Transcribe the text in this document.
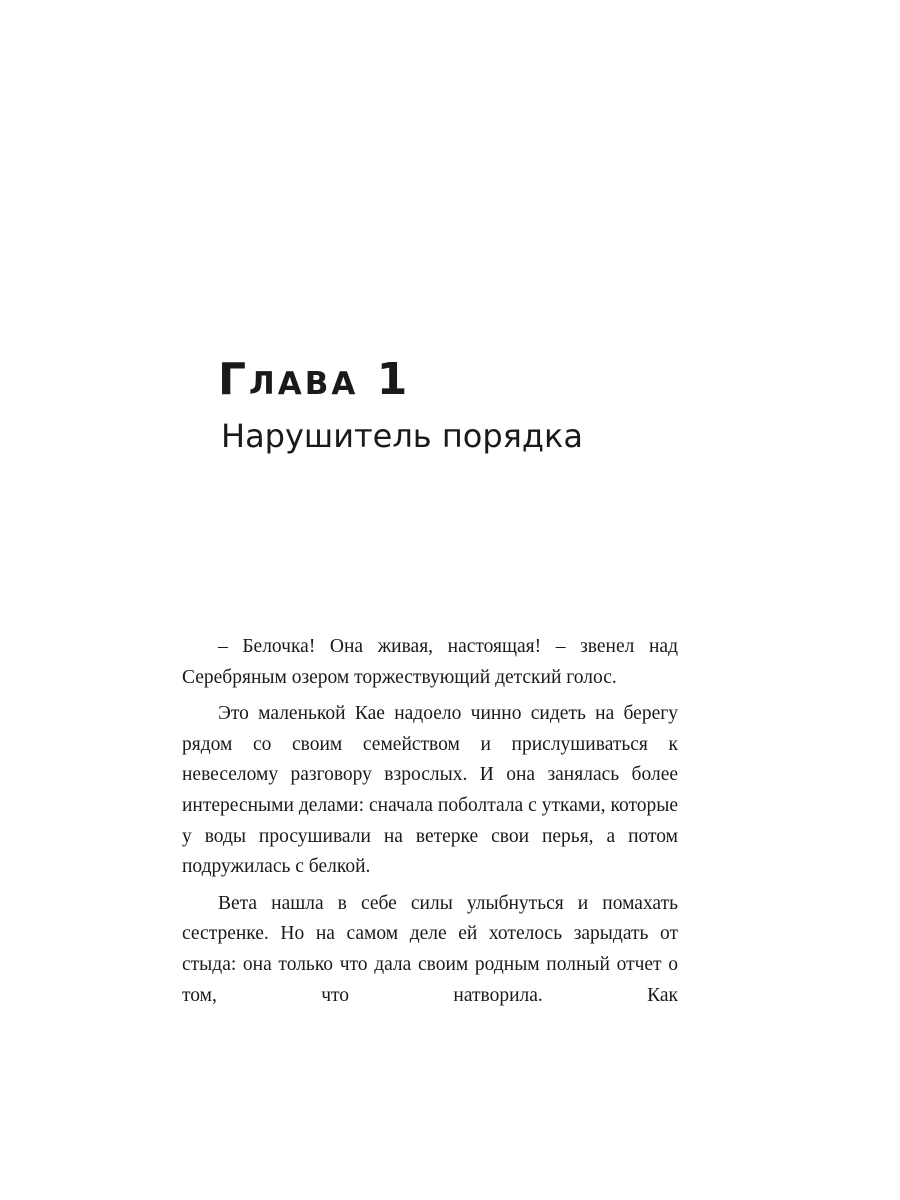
Глава 1
Нарушитель порядка

– Белочка! Она живая, настоящая! – звенел над Серебряным озером торжествующий детский голос.

Это маленькой Кае надоело чинно сидеть на берегу рядом со своим семейством и прислушиваться к невеселому разговору взрослых. И она занялась более интересными делами: сначала поболтала с утками, которые у воды просушивали на ветерке свои перья, а потом подружилась с белкой.

Вета нашла в себе силы улыбнуться и помахать сестренке. Но на самом деле ей хотелось зарыдать от стыда: она только что дала своим родным полный отчет о том, что натворила. Как
